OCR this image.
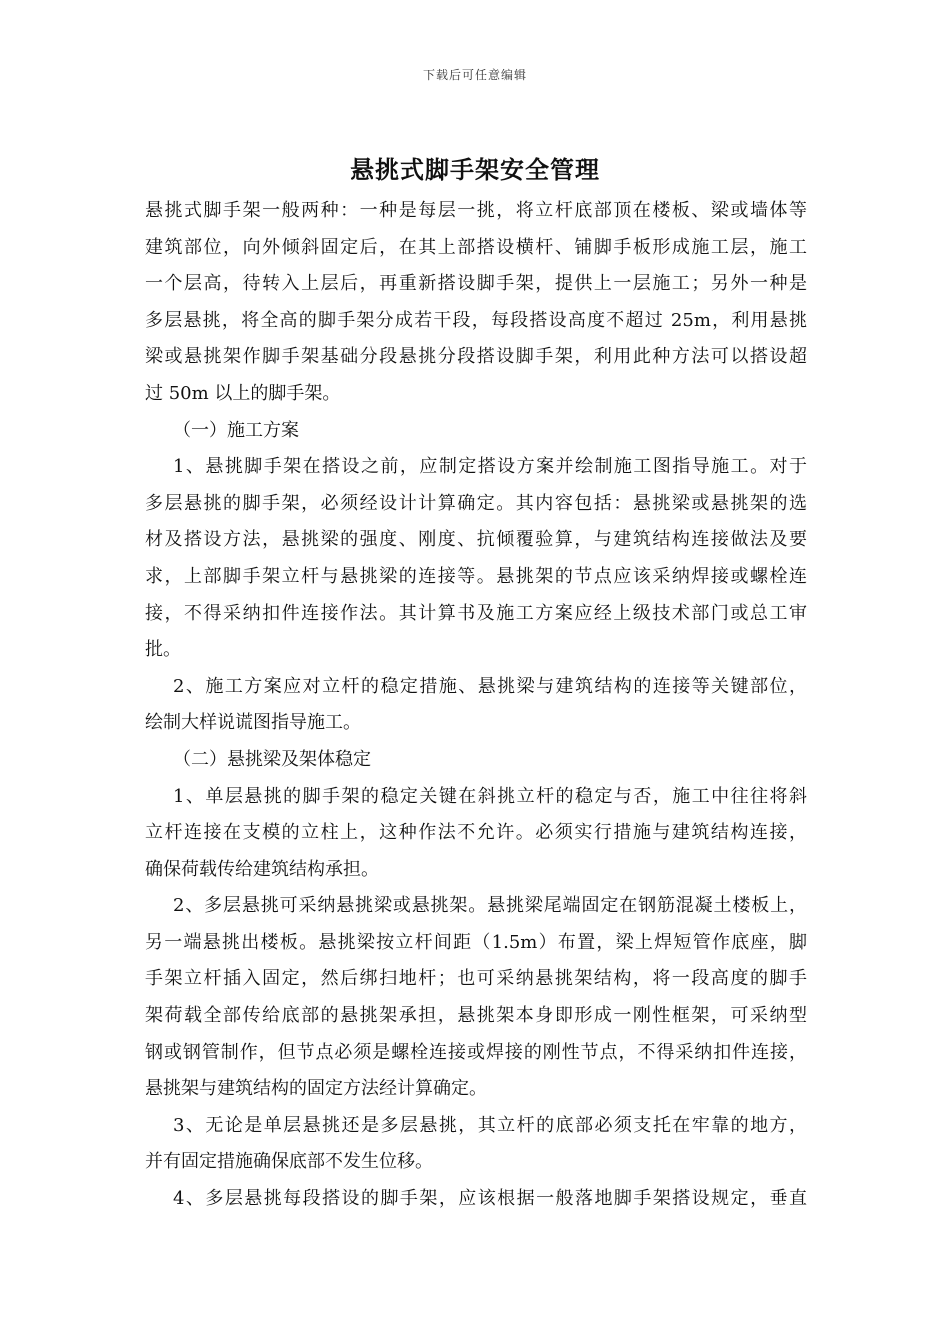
下载后可任意编辑
悬挑式脚手架安全管理
悬挑式脚手架一般两种：一种是每层一挑，将立杆底部顶在楼板、梁或墙体等
建筑部位，向外倾斜固定后，在其上部搭设横杆、铺脚手板形成施工层，施工
一个层高，待转入上层后，再重新搭设脚手架，提供上一层施工；另外一种是
多层悬挑，将全高的脚手架分成若干段，每段搭设高度不超过 25m，利用悬挑
梁或悬挑架作脚手架基础分段悬挑分段搭设脚手架，利用此种方法可以搭设超
过 50m 以上的脚手架。
（一）施工方案
1、悬挑脚手架在搭设之前，应制定搭设方案并绘制施工图指导施工。对于
多层悬挑的脚手架，必须经设计计算确定。其内容包括：悬挑梁或悬挑架的选
材及搭设方法，悬挑梁的强度、刚度、抗倾覆验算，与建筑结构连接做法及要
求，上部脚手架立杆与悬挑梁的连接等。悬挑架的节点应该采纳焊接或螺栓连
接，不得采纳扣件连接作法。其计算书及施工方案应经上级技术部门或总工审
批。
2、施工方案应对立杆的稳定措施、悬挑梁与建筑结构的连接等关键部位，
绘制大样说谎图指导施工。
（二）悬挑梁及架体稳定
1、单层悬挑的脚手架的稳定关键在斜挑立杆的稳定与否，施工中往往将斜
立杆连接在支模的立柱上，这种作法不允许。必须实行措施与建筑结构连接，
确保荷载传给建筑结构承担。
2、多层悬挑可采纳悬挑梁或悬挑架。悬挑梁尾端固定在钢筋混凝土楼板上，
另一端悬挑出楼板。悬挑梁按立杆间距（1.5m）布置，梁上焊短管作底座，脚
手架立杆插入固定，然后绑扫地杆；也可采纳悬挑架结构，将一段高度的脚手
架荷载全部传给底部的悬挑架承担，悬挑架本身即形成一刚性框架，可采纳型
钢或钢管制作，但节点必须是螺栓连接或焊接的刚性节点，不得采纳扣件连接，
悬挑架与建筑结构的固定方法经计算确定。
3、无论是单层悬挑还是多层悬挑，其立杆的底部必须支托在牢靠的地方，
并有固定措施确保底部不发生位移。
4、多层悬挑每段搭设的脚手架，应该根据一般落地脚手架搭设规定，垂直
